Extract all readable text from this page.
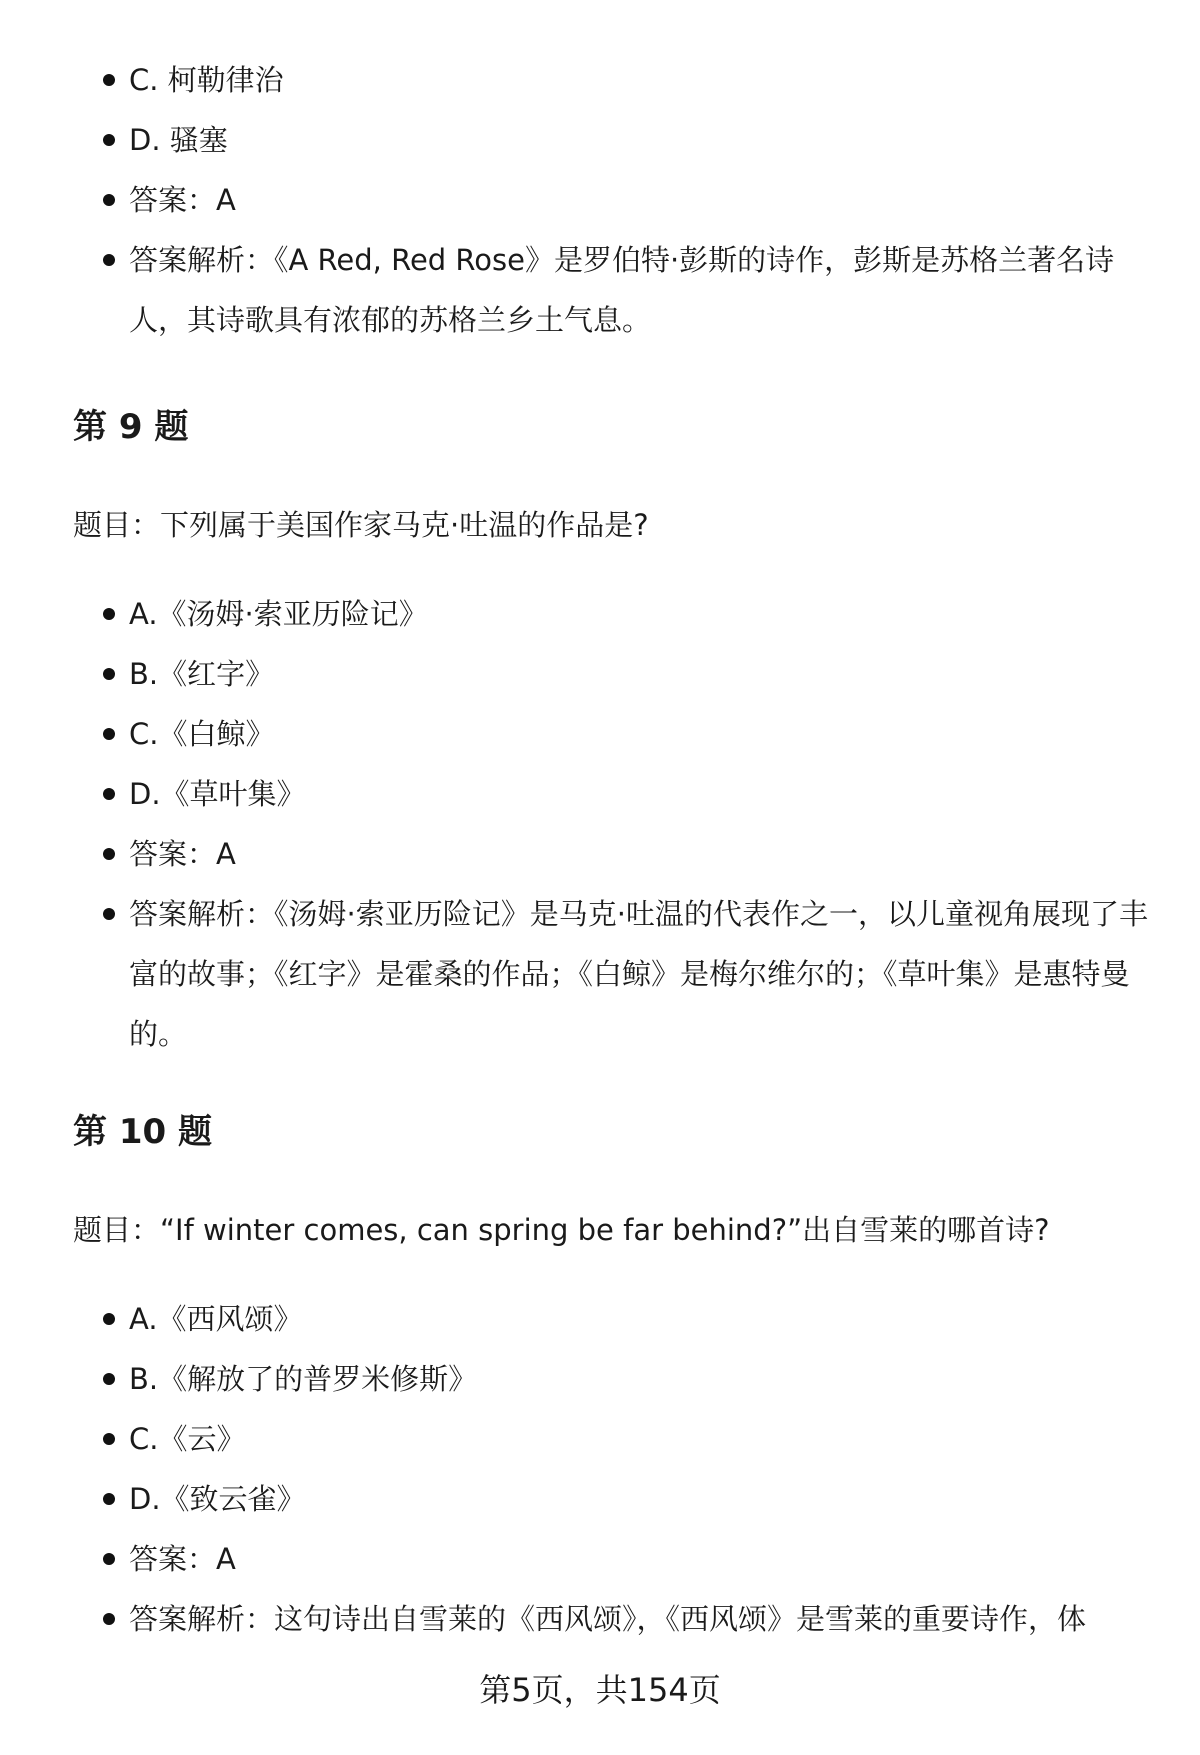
C. 柯勒律治
D. 骚塞
答案：A
答案解析：《A Red, Red Rose》是罗伯特·彭斯的诗作，彭斯是苏格兰著名诗人，其诗歌具有浓郁的苏格兰乡土气息。
第 9 题

题目：下列属于美国作家马克·吐温的作品是?

A.《汤姆·索亚历险记》
B.《红字》
C.《白鲸》
D.《草叶集》
答案：A
答案解析：《汤姆·索亚历险记》是马克·吐温的代表作之一，以儿童视角展现了丰富的故事；《红字》是霍桑的作品；《白鲸》是梅尔维尔的；《草叶集》是惠特曼的。
第 10 题

题目：“If winter comes, can spring be far behind?”出自雪莱的哪首诗?

A.《西风颂》
B.《解放了的普罗米修斯》
C.《云》
D.《致云雀》
答案：A
答案解析：这句诗出自雪莱的《西风颂》，《西风颂》是雪莱的重要诗作，体
第5页，共154页
